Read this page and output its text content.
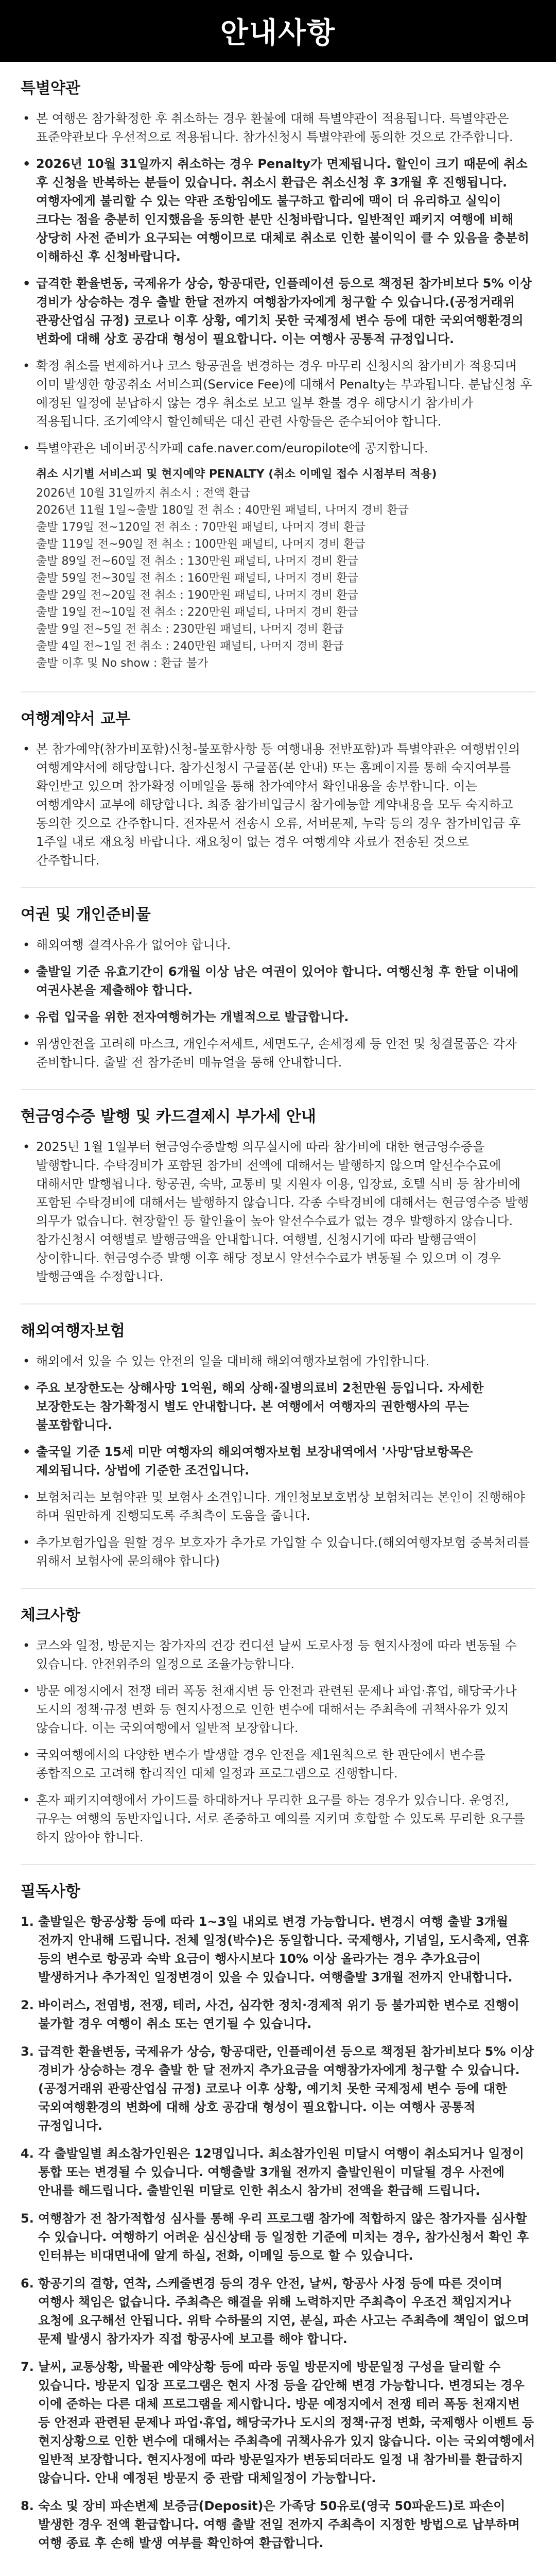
안내사항
특별약관
• 본 여행은 참가확정한 후 취소하는 경우 환불에 대해 특별약관이 적용됩니다. 특별약관은 표준약관보다 우선적으로 적용됩니다. 참가신청시 특별약관에 동의한 것으로 간주합니다.
• 2026년 10월 31일까지 취소하는 경우 Penalty가 면제됩니다. 할인이 크기 때문에 취소 후 신청을 반복하는 분들이 있습니다. 취소시 환급은 취소신청 후 3개월 후 진행됩니다. 여행자에게 불리할 수 있는 약관 조항임에도 불구하고 합리에 맥이 더 유리하고 실익이 크다는 점을 충분히 인지했음을 동의한 분만 신청바랍니다. 일반적인 패키지 여행에 비해 상당히 사전 준비가 요구되는 여행이므로 대체로 취소로 인한 불이익이 클 수 있음을 충분히 이해하신 후 신청바랍니다.
• 급격한 환율변동, 국제유가 상승, 항공대란, 인플레이션 등으로 책정된 참가비보다 5% 이상 경비가 상승하는 경우 출발 한달 전까지 여행참가자에게 청구할 수 있습니다.(공정거래위 관광산업심 규정) 코로나 이후 상황, 예기치 못한 국제정세 변수 등에 대한 국외여행환경의 변화에 대해 상호 공감대 형성이 필요합니다. 이는 여행사 공통적 규정입니다.
• 확정 취소를 변제하거나 코스 항공권을 변경하는 경우 마무리 신청시의 참가비가 적용되며 이미 발생한 항공취소 서비스피(Service Fee)에 대해서 Penalty는 부과됩니다. 분납신청 후 예정된 일정에 분납하지 않는 경우 취소로 보고 일부 환불 경우 해당시기 참가비가 적용됩니다. 조기예약시 할인혜택은 대신 관련 사항들은 준수되어야 합니다.
• 특별약관은 네이버공식카페 cafe.naver.com/europilote에 공지합니다.
취소 시기별 서비스피 및 현지예약 PENALTY (취소 이메일 접수 시점부터 적용)
2026년 10월 31일까지 취소시 : 전액 환급
2026년 11월 1일~출발 180일 전 취소 : 40만원 패널티, 나머지 경비 환급
출발 179일 전~120일 전 취소 : 70만원 패널티, 나머지 경비 환급
출발 119일 전~90일 전 취소 : 100만원 패널티, 나머지 경비 환급
출발 89일 전~60일 전 취소 : 130만원 패널티, 나머지 경비 환급
출발 59일 전~30일 전 취소 : 160만원 패널티, 나머지 경비 환급
출발 29일 전~20일 전 취소 : 190만원 패널티, 나머지 경비 환급
출발 19일 전~10일 전 취소 : 220만원 패널티, 나머지 경비 환급
출발 9일 전~5일 전 취소 : 230만원 패널티, 나머지 경비 환급
출발 4일 전~1일 전 취소 : 240만원 패널티, 나머지 경비 환급
출발 이후 및 No show : 환급 불가
여행계약서 교부
• 본 참가예약(참가비포함)신청-불포함사항 등 여행내용 전반포함)과 특별약관은 여행법인의 여행계약서에 해당합니다. 참가신청시 구글폼(본 안내) 또는 홈페이지를 통해 숙지여부를 확인받고 있으며 참가확정 이메일을 통해 참가예약서 확인내용을 송부합니다. 이는 여행계약서 교부에 해당합니다. 최종 참가비입금시 참가예능할 계약내용을 모두 숙지하고 동의한 것으로 간주합니다. 전자문서 전송시 오류, 서버문제, 누락 등의 경우 참가비입금 후 1주일 내로 재요청 바랍니다. 재요청이 없는 경우 여행계약 자료가 전송된 것으로 간주합니다.
여권 및 개인준비물
• 해외여행 결격사유가 없어야 합니다.
• 출발일 기준 유효기간이 6개월 이상 남은 여권이 있어야 합니다. 여행신청 후 한달 이내에 여권사본을 제출해야 합니다.
• 유럽 입국을 위한 전자여행허가는 개별적으로 발급합니다.
• 위생안전을 고려해 마스크, 개인수저세트, 세면도구, 손세정제 등 안전 및 청결물품은 각자 준비합니다. 출발 전 참가준비 매뉴얼을 통해 안내합니다.
현금영수증 발행 및 카드결제시 부가세 안내
• 2025년 1월 1일부터 현금영수증발행 의무실시에 따라 참가비에 대한 현금영수증을 발행합니다. 수탁경비가 포함된 참가비 전액에 대해서는 발행하지 않으며 알선수수료에 대해서만 발행됩니다. 항공권, 숙박, 교통비 및 지원자 이용, 입장료, 호텔 식비 등 참가비에 포함된 수탁경비에 대해서는 발행하지 않습니다. 각종 수탁경비에 대해서는 현금영수증 발행 의무가 없습니다. 현장할인 등 할인율이 높아 알선수수료가 없는 경우 발행하지 않습니다. 참가신청시 여행별로 발행금액을 안내합니다. 여행별, 신청시기에 따라 발행금액이 상이합니다. 현금영수증 발행 이후 해당 정보시 알선수수료가 변동될 수 있으며 이 경우 발행금액을 수정합니다.
해외여행자보험
• 해외에서 있을 수 있는 안전의 일을 대비해 해외여행자보험에 가입합니다.
• 주요 보장한도는 상해사망 1억원, 해외 상해·질병의료비 2천만원 등입니다. 자세한 보장한도는 참가확정시 별도 안내합니다. 본 여행에서 여행자의 권한행사의 무는 불포함합니다.
• 출국일 기준 15세 미만 여행자의 해외여행자보험 보장내역에서 '사망'담보항목은 제외됩니다. 상법에 기준한 조건입니다.
• 보험처리는 보험약관 및 보험사 소견입니다. 개인청보보호법상 보험처리는 본인이 진행해야 하며 원만하게 진행되도록 주최측이 도움을 줍니다.
• 추가보험가입을 원할 경우 보호자가 추가로 가입할 수 있습니다.(해외여행자보험 중복처리를 위해서 보험사에 문의해야 합니다)
체크사항
• 코스와 일정, 방문지는 참가자의 건강 컨디션 날씨 도로사정 등 현지사정에 따라 변동될 수 있습니다. 안전위주의 일정으로 조율가능합니다.
• 방문 예정지에서 전쟁 테러 폭동 천재지변 등 안전과 관련된 문제나 파업·휴업, 해당국가나 도시의 정책·규정 변화 등 현지사정으로 인한 변수에 대해서는 주최측에 귀책사유가 있지 않습니다. 이는 국외여행에서 일반적 보장합니다.
• 국외여행에서의 다양한 변수가 발생할 경우 안전을 제1원칙으로 한 판단에서 변수를 종합적으로 고려해 합리적인 대체 일정과 프로그램으로 진행합니다.
• 혼자 패키지여행에서 가이드를 하대하거나 무리한 요구를 하는 경우가 있습니다. 운영진, 규우는 여행의 동반자입니다. 서로 존중하고 예의를 지키며 호합할 수 있도록 무리한 요구를 하지 않아야 합니다.
필독사항
1. 출발일은 항공상황 등에 따라 1~3일 내외로 변경 가능합니다. 변경시 여행 출발 3개월 전까지 안내해 드립니다. 전체 일정(박수)은 동일합니다. 국제행사, 기념일, 도시축제, 연휴 등의 변수로 항공과 숙박 요금이 행사시보다 10% 이상 올라가는 경우 추가요금이 발생하거나 추가적인 일정변경이 있을 수 있습니다. 여행출발 3개월 전까지 안내합니다.
2. 바이러스, 전염병, 전쟁, 테러, 사건, 심각한 정치·경제적 위기 등 불가피한 변수로 진행이 불가할 경우 여행이 취소 또는 연기될 수 있습니다.
3. 급격한 환율변동, 국제유가 상승, 항공대란, 인플레이션 등으로 책정된 참가비보다 5% 이상 경비가 상승하는 경우 출발 한 달 전까지 추가요금을 여행참가자에게 청구할 수 있습니다. (공정거래위 관광산업심 규정) 코로나 이후 상황, 예기치 못한 국제정세 변수 등에 대한 국외여행환경의 변화에 대해 상호 공감대 형성이 필요합니다. 이는 여행사 공통적 규정입니다.
4. 각 출발일별 최소참가인원은 12명입니다. 최소참가인원 미달시 여행이 취소되거나 일정이 통합 또는 변경될 수 있습니다. 여행출발 3개월 전까지 출발인원이 미달될 경우 사전에 안내를 해드립니다. 출발인원 미달로 인한 취소시 참가비 전액을 환급해 드립니다.
5. 여행참가 전 참가적합성 심사를 통해 우리 프로그램 참가에 적합하지 않은 참가자를 심사할 수 있습니다. 여행하기 어려운 심신상태 등 일정한 기준에 미치는 경우, 참가신청서 확인 후 인터뷰는 비대면내에 알게 하실, 전화, 이메일 등으로 할 수 있습니다.
6. 항공기의 결항, 연착, 스케줄변경 등의 경우 안전, 날씨, 항공사 사정 등에 따른 것이며 여행사 책임은 없습니다. 주최측은 해결을 위해 노력하지만 주최측이 우조건 책임지거나 요청에 요구해선 안됩니다. 위탁 수하물의 지연, 분실, 파손 사고는 주최측에 책임이 없으며 문제 발생시 참가자가 직접 항공사에 보고를 해야 합니다.
7. 날씨, 교통상황, 박물관 예약상황 등에 따라 동일 방문지에 방문일정 구성을 달리할 수 있습니다. 방문지 입장 프로그램은 현지 사정 등을 감안해 변경 가능합니다. 변경되는 경우 이에 준하는 다른 대체 프로그램을 제시합니다. 방문 예정지에서 전쟁 테러 폭동 천재지변 등 안전과 관련된 문제나 파업·휴업, 해당국가나 도시의 정책·규정 변화, 국제행사 이벤트 등 현지상황으로 인한 변수에 대해서는 주최측에 귀책사유가 있지 않습니다. 이는 국외여행에서 일반적 보장합니다. 현지사정에 따라 방문일자가 변동되더라도 일정 내 참가비를 환급하지 않습니다. 안내 예정된 방문지 중 관람 대체일정이 가능합니다.
8. 숙소 및 장비 파손변제 보증금(Deposit)은 가족당 50유로(영국 50파운드)로 파손이 발생한 경우 전액 환급합니다. 여행 출발 전일 전까지 주최측이 지정한 방법으로 납부하며 여행 종료 후 손해 발생 여부를 확인하여 환급합니다.
